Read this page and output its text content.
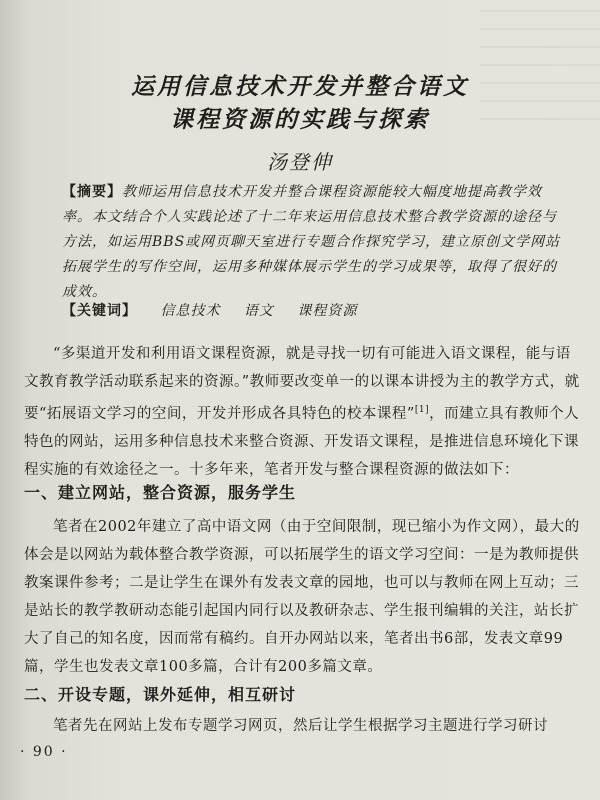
运用信息技术开发并整合语文
课程资源的实践与探索
汤登伸
【摘要】教师运用信息技术开发并整合课程资源能较大幅度地提高教学效率。本文结合个人实践论述了十二年来运用信息技术整合教学资源的途径与方法，如运用BBS或网页聊天室进行专题合作探究学习，建立原创文学网站拓展学生的写作空间，运用多种媒体展示学生的学习成果等，取得了很好的成效。
【关键词】 信息技术 语文 课程资源
“多渠道开发和利用语文课程资源，就是寻找一切有可能进入语文课程，能与语文教育教学活动联系起来的资源。”教师要改变单一的以课本讲授为主的教学方式，就要“拓展语文学习的空间，开发并形成各具特色的校本课程”[1]，而建立具有教师个人特色的网站，运用多种信息技术来整合资源、开发语文课程，是推进信息环境化下课程实施的有效途径之一。十多年来，笔者开发与整合课程资源的做法如下：
一、建立网站，整合资源，服务学生
笔者在2002年建立了高中语文网（由于空间限制，现已缩小为作文网），最大的体会是以网站为载体整合教学资源，可以拓展学生的语文学习空间：一是为教师提供教案课件参考；二是让学生在课外有发表文章的园地，也可以与教师在网上互动；三是站长的教学教研动态能引起国内同行以及教研杂志、学生报刊编辑的关注，站长扩大了自己的知名度，因而常有稿约。自开办网站以来，笔者出书6部，发表文章99篇，学生也发表文章100多篇，合计有200多篇文章。
二、开设专题，课外延伸，相互研讨
笔者先在网站上发布专题学习网页，然后让学生根据学习主题进行学习研讨
· 90 ·
